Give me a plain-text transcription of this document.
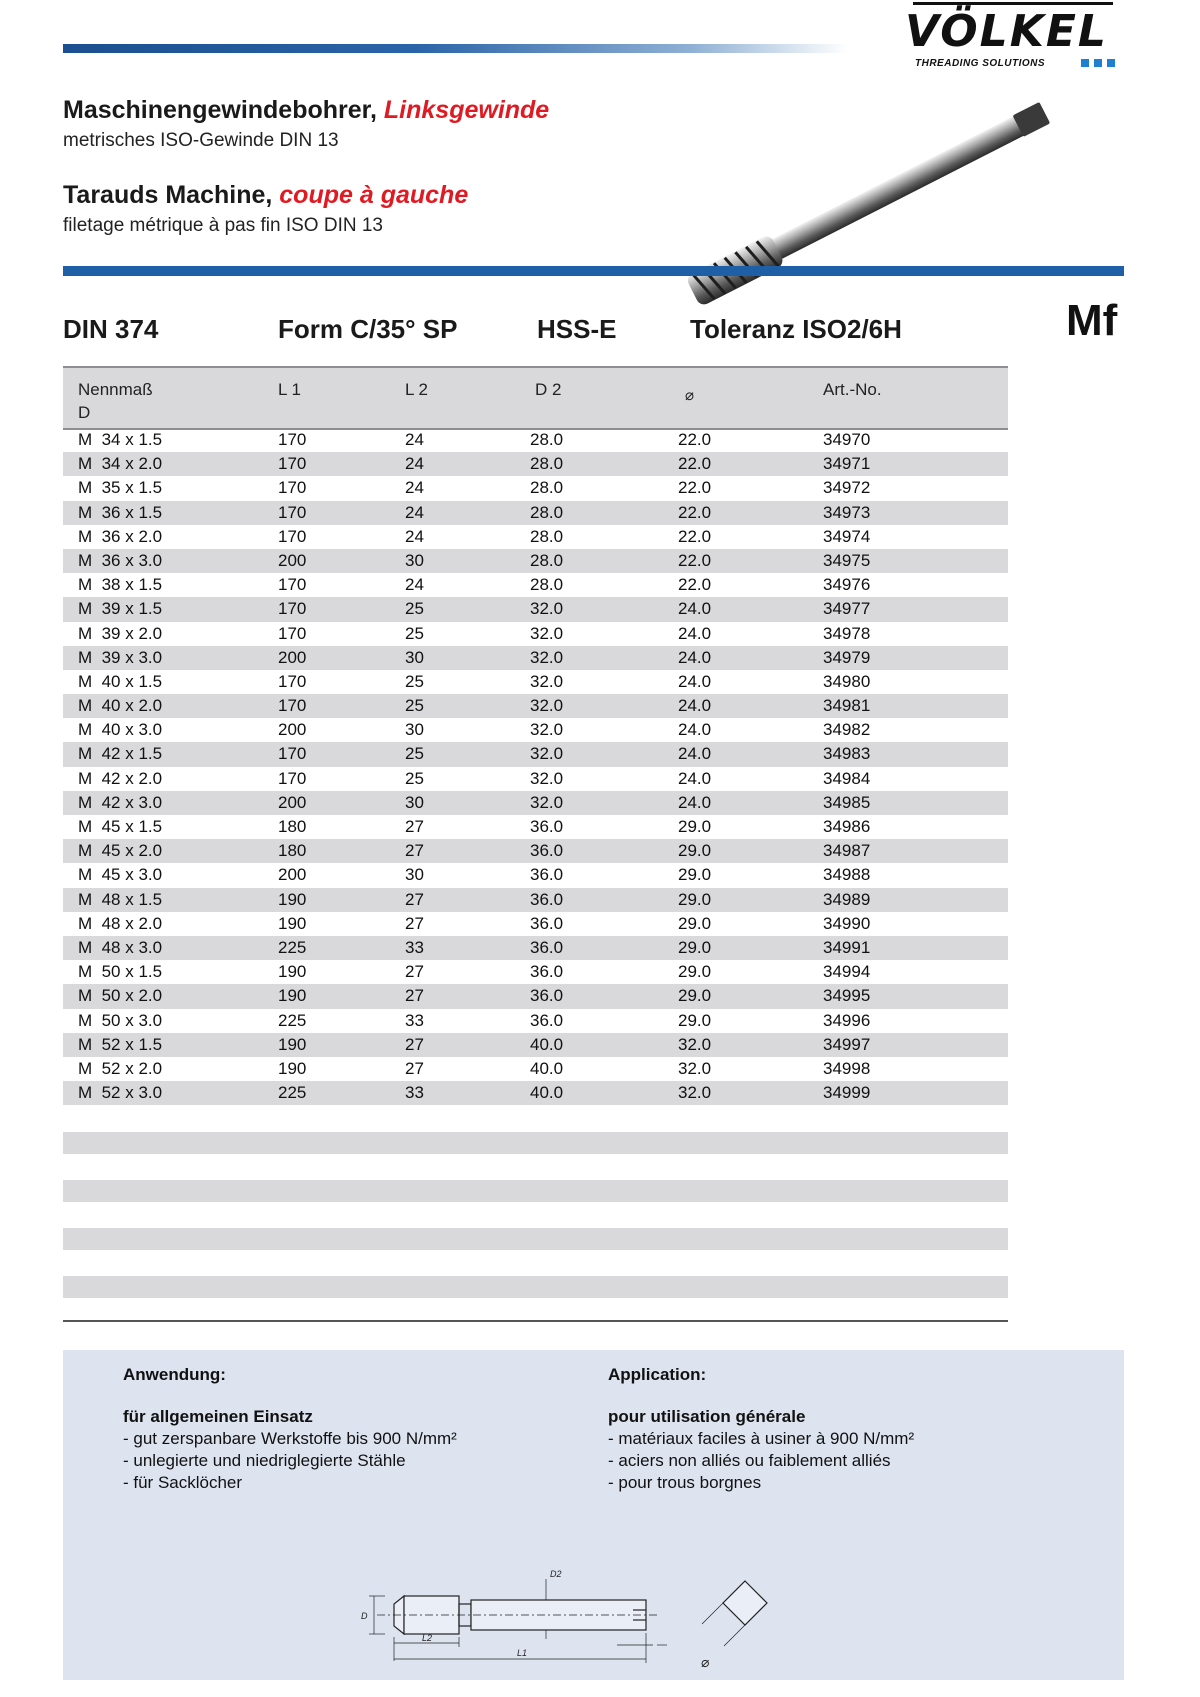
VÖLKEL
THREADING SOLUTIONS
Maschinengewindebohrer, Linksgewinde
metrisches ISO-Gewinde DIN 13
Tarauds Machine, coupe à gauche
filetage métrique à pas fin ISO DIN 13
DIN 374	Form C/35° SP	HSS-E	Toleranz ISO2/6H	Mf
Nennmaß
D
L 1	L 2	D 2	⌀	Art.-No.
M  34 x 1.5	170	24	28.0	22.0	34970
M  34 x 2.0	170	24	28.0	22.0	34971
M  35 x 1.5	170	24	28.0	22.0	34972
M  36 x 1.5	170	24	28.0	22.0	34973
M  36 x 2.0	170	24	28.0	22.0	34974
M  36 x 3.0	200	30	28.0	22.0	34975
M  38 x 1.5	170	24	28.0	22.0	34976
M  39 x 1.5	170	25	32.0	24.0	34977
M  39 x 2.0	170	25	32.0	24.0	34978
M  39 x 3.0	200	30	32.0	24.0	34979
M  40 x 1.5	170	25	32.0	24.0	34980
M  40 x 2.0	170	25	32.0	24.0	34981
M  40 x 3.0	200	30	32.0	24.0	34982
M  42 x 1.5	170	25	32.0	24.0	34983
M  42 x 2.0	170	25	32.0	24.0	34984
M  42 x 3.0	200	30	32.0	24.0	34985
M  45 x 1.5	180	27	36.0	29.0	34986
M  45 x 2.0	180	27	36.0	29.0	34987
M  45 x 3.0	200	30	36.0	29.0	34988
M  48 x 1.5	190	27	36.0	29.0	34989
M  48 x 2.0	190	27	36.0	29.0	34990
M  48 x 3.0	225	33	36.0	29.0	34991
M  50 x 1.5	190	27	36.0	29.0	34994
M  50 x 2.0	190	27	36.0	29.0	34995
M  50 x 3.0	225	33	36.0	29.0	34996
M  52 x 1.5	190	27	40.0	32.0	34997
M  52 x 2.0	190	27	40.0	32.0	34998
M  52 x 3.0	225	33	40.0	32.0	34999
Anwendung:
für allgemeinen Einsatz
- gut zerspanbare Werkstoffe bis 900 N/mm²
- unlegierte und niedriglegierte Stähle
- für Sacklöcher
Application:
pour utilisation générale
- matériaux faciles à usiner à 900 N/mm²
- aciers non alliés ou faiblement alliés
- pour trous borgnes
D
D2
L2
L1
⌀
